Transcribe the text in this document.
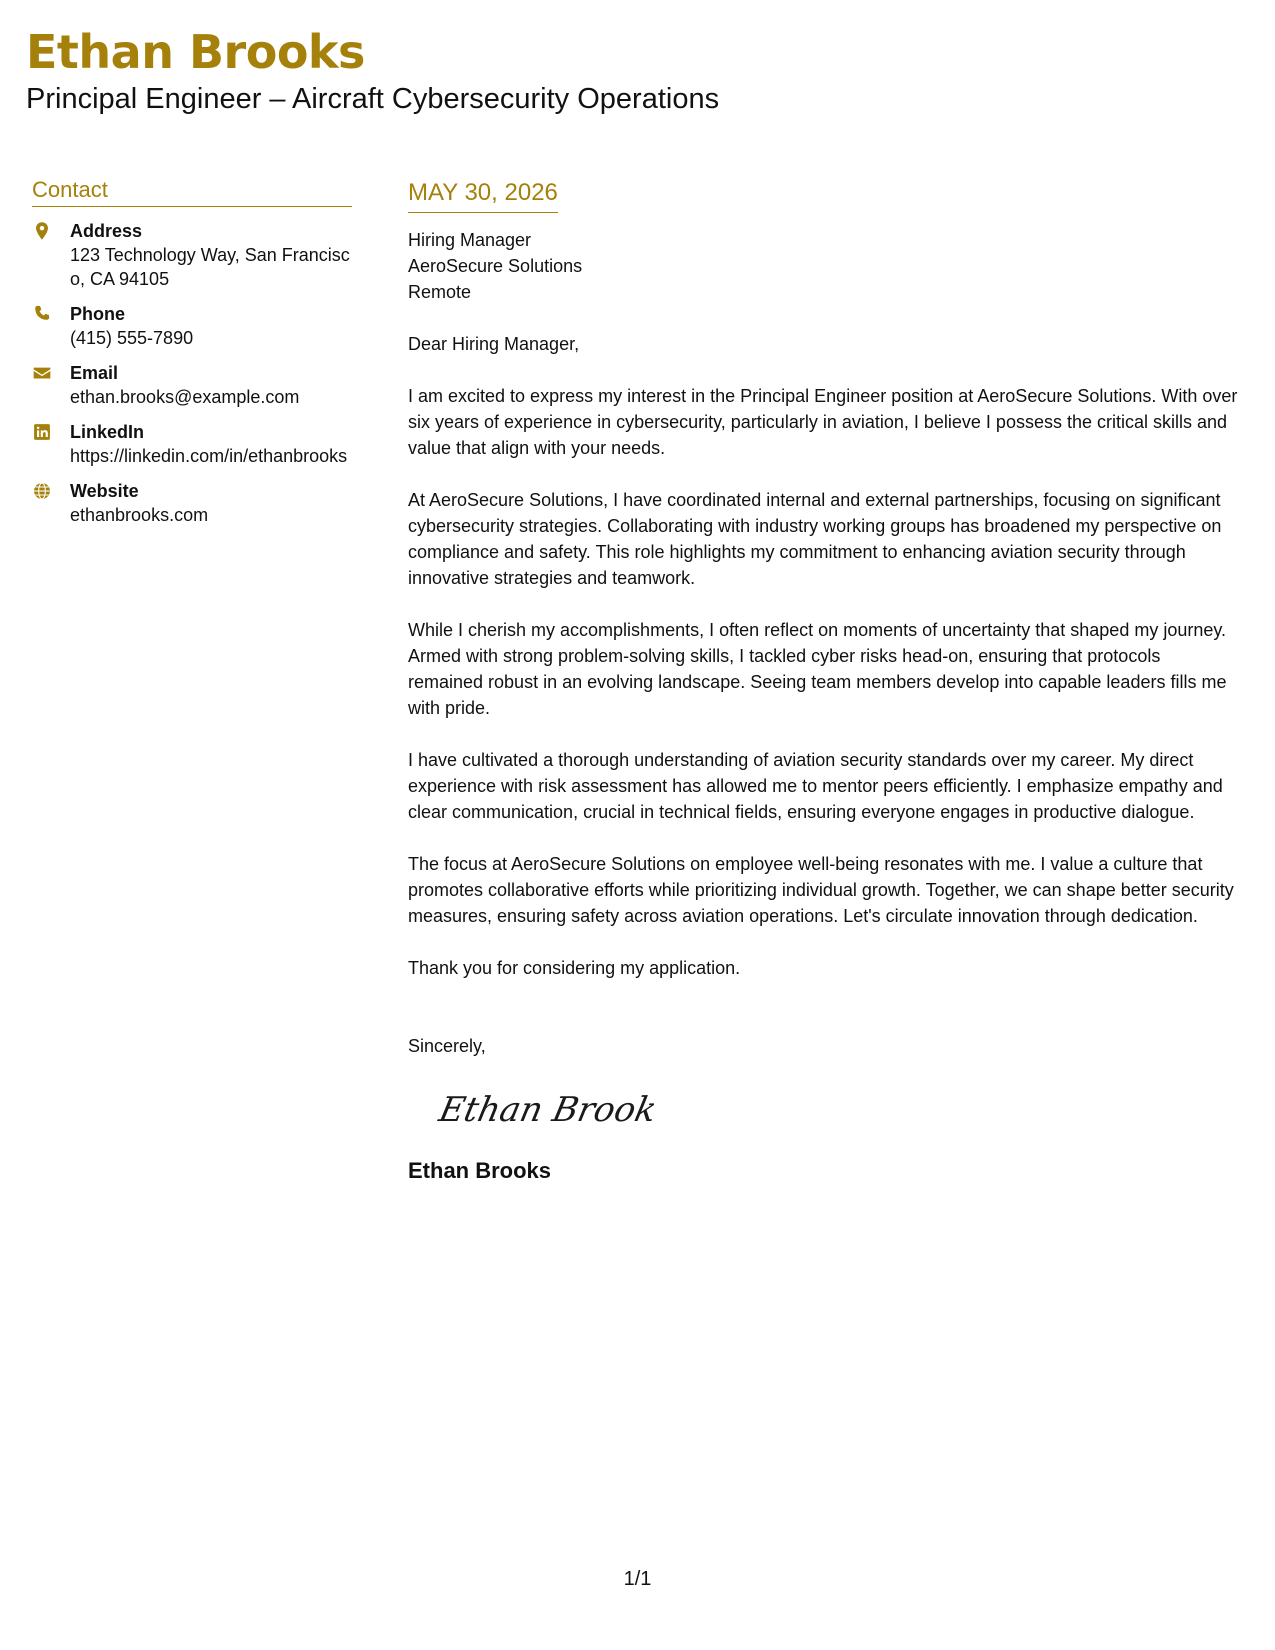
Ethan Brooks
Principal Engineer – Aircraft Cybersecurity Operations
Contact
Address
123 Technology Way, San Francisco, CA 94105
Phone
(415) 555-7890
Email
ethan.brooks@example.com
LinkedIn
https://linkedin.com/in/ethanbrooks
Website
ethanbrooks.com
MAY 30, 2026
Hiring Manager
AeroSecure Solutions
Remote
Dear Hiring Manager,
I am excited to express my interest in the Principal Engineer position at AeroSecure Solutions. With over six years of experience in cybersecurity, particularly in aviation, I believe I possess the critical skills and value that align with your needs.
At AeroSecure Solutions, I have coordinated internal and external partnerships, focusing on significant cybersecurity strategies. Collaborating with industry working groups has broadened my perspective on compliance and safety. This role highlights my commitment to enhancing aviation security through innovative strategies and teamwork.
While I cherish my accomplishments, I often reflect on moments of uncertainty that shaped my journey. Armed with strong problem-solving skills, I tackled cyber risks head-on, ensuring that protocols remained robust in an evolving landscape. Seeing team members develop into capable leaders fills me with pride.
I have cultivated a thorough understanding of aviation security standards over my career. My direct experience with risk assessment has allowed me to mentor peers efficiently. I emphasize empathy and clear communication, crucial in technical fields, ensuring everyone engages in productive dialogue.
The focus at AeroSecure Solutions on employee well-being resonates with me. I value a culture that promotes collaborative efforts while prioritizing individual growth. Together, we can shape better security measures, ensuring safety across aviation operations. Let's circulate innovation through dedication.
Thank you for considering my application.
Sincerely,
Ethan Brooks
Ethan Brooks
1/1
